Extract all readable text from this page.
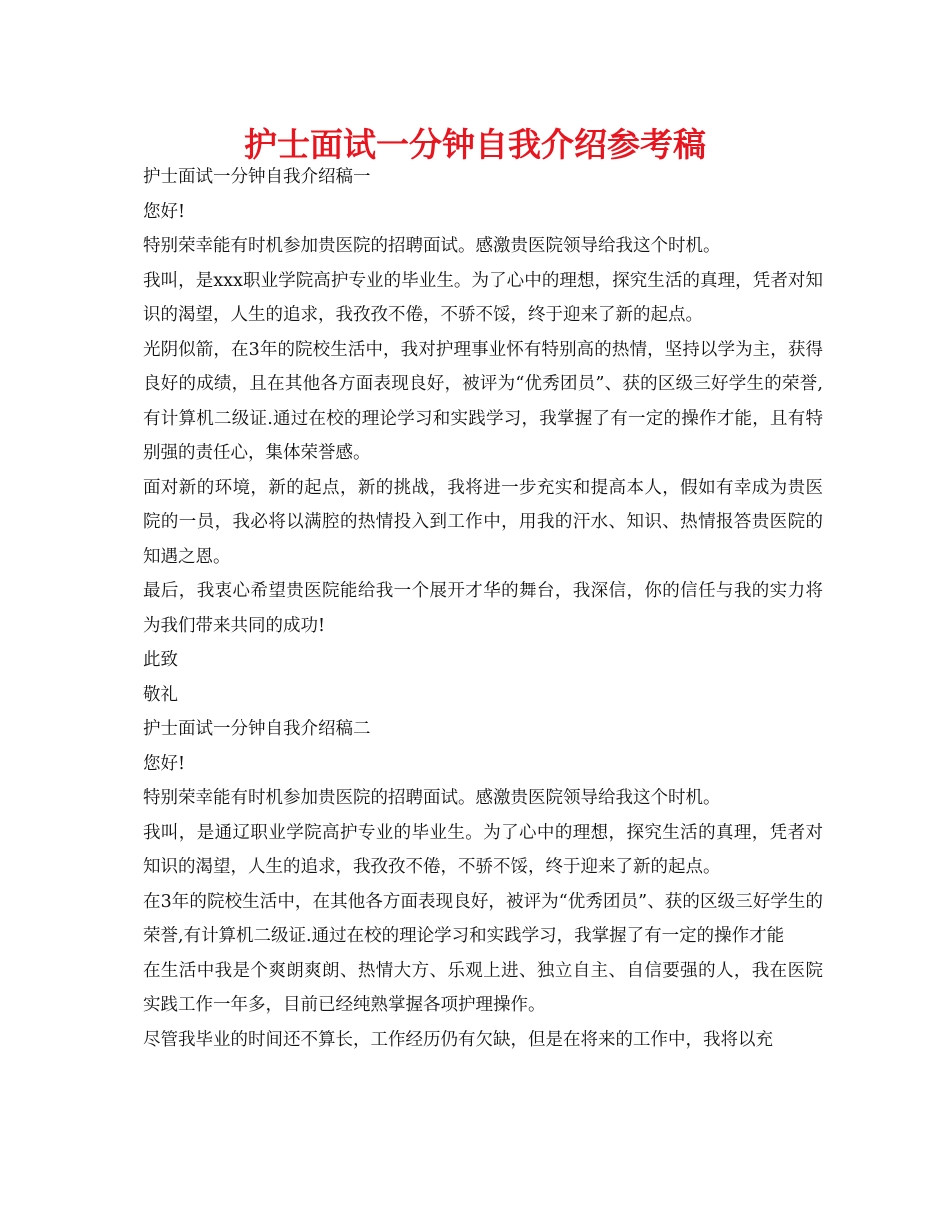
护士面试一分钟自我介绍参考稿

护士面试一分钟自我介绍稿一

您好!

特别荣幸能有时机参加贵医院的招聘面试。感激贵医院领导给我这个时机。

我叫，是xxx职业学院高护专业的毕业生。为了心中的理想，探究生活的真理，凭者对知识的渴望，人生的追求，我孜孜不倦，不骄不馁，终于迎来了新的起点。

光阴似箭，在3年的院校生活中，我对护理事业怀有特别高的热情，坚持以学为主，获得良好的成绩，且在其他各方面表现良好，被评为“优秀团员”、获的区级三好学生的荣誉,有计算机二级证.通过在校的理论学习和实践学习，我掌握了有一定的操作才能，且有特别强的责任心，集体荣誉感。

面对新的环境，新的起点，新的挑战，我将进一步充实和提高本人，假如有幸成为贵医院的一员，我必将以满腔的热情投入到工作中，用我的汗水、知识、热情报答贵医院的知遇之恩。

最后，我衷心希望贵医院能给我一个展开才华的舞台，我深信，你的信任与我的实力将为我们带来共同的成功!

此致

敬礼

护士面试一分钟自我介绍稿二

您好!

特别荣幸能有时机参加贵医院的招聘面试。感激贵医院领导给我这个时机。

我叫，是通辽职业学院高护专业的毕业生。为了心中的理想，探究生活的真理，凭者对知识的渴望，人生的追求，我孜孜不倦，不骄不馁，终于迎来了新的起点。

在3年的院校生活中，在其他各方面表现良好，被评为“优秀团员”、获的区级三好学生的荣誉,有计算机二级证.通过在校的理论学习和实践学习，我掌握了有一定的操作才能

在生活中我是个爽朗爽朗、热情大方、乐观上进、独立自主、自信要强的人，我在医院实践工作一年多，目前已经纯熟掌握各项护理操作。

尽管我毕业的时间还不算长，工作经历仍有欠缺，但是在将来的工作中，我将以充
